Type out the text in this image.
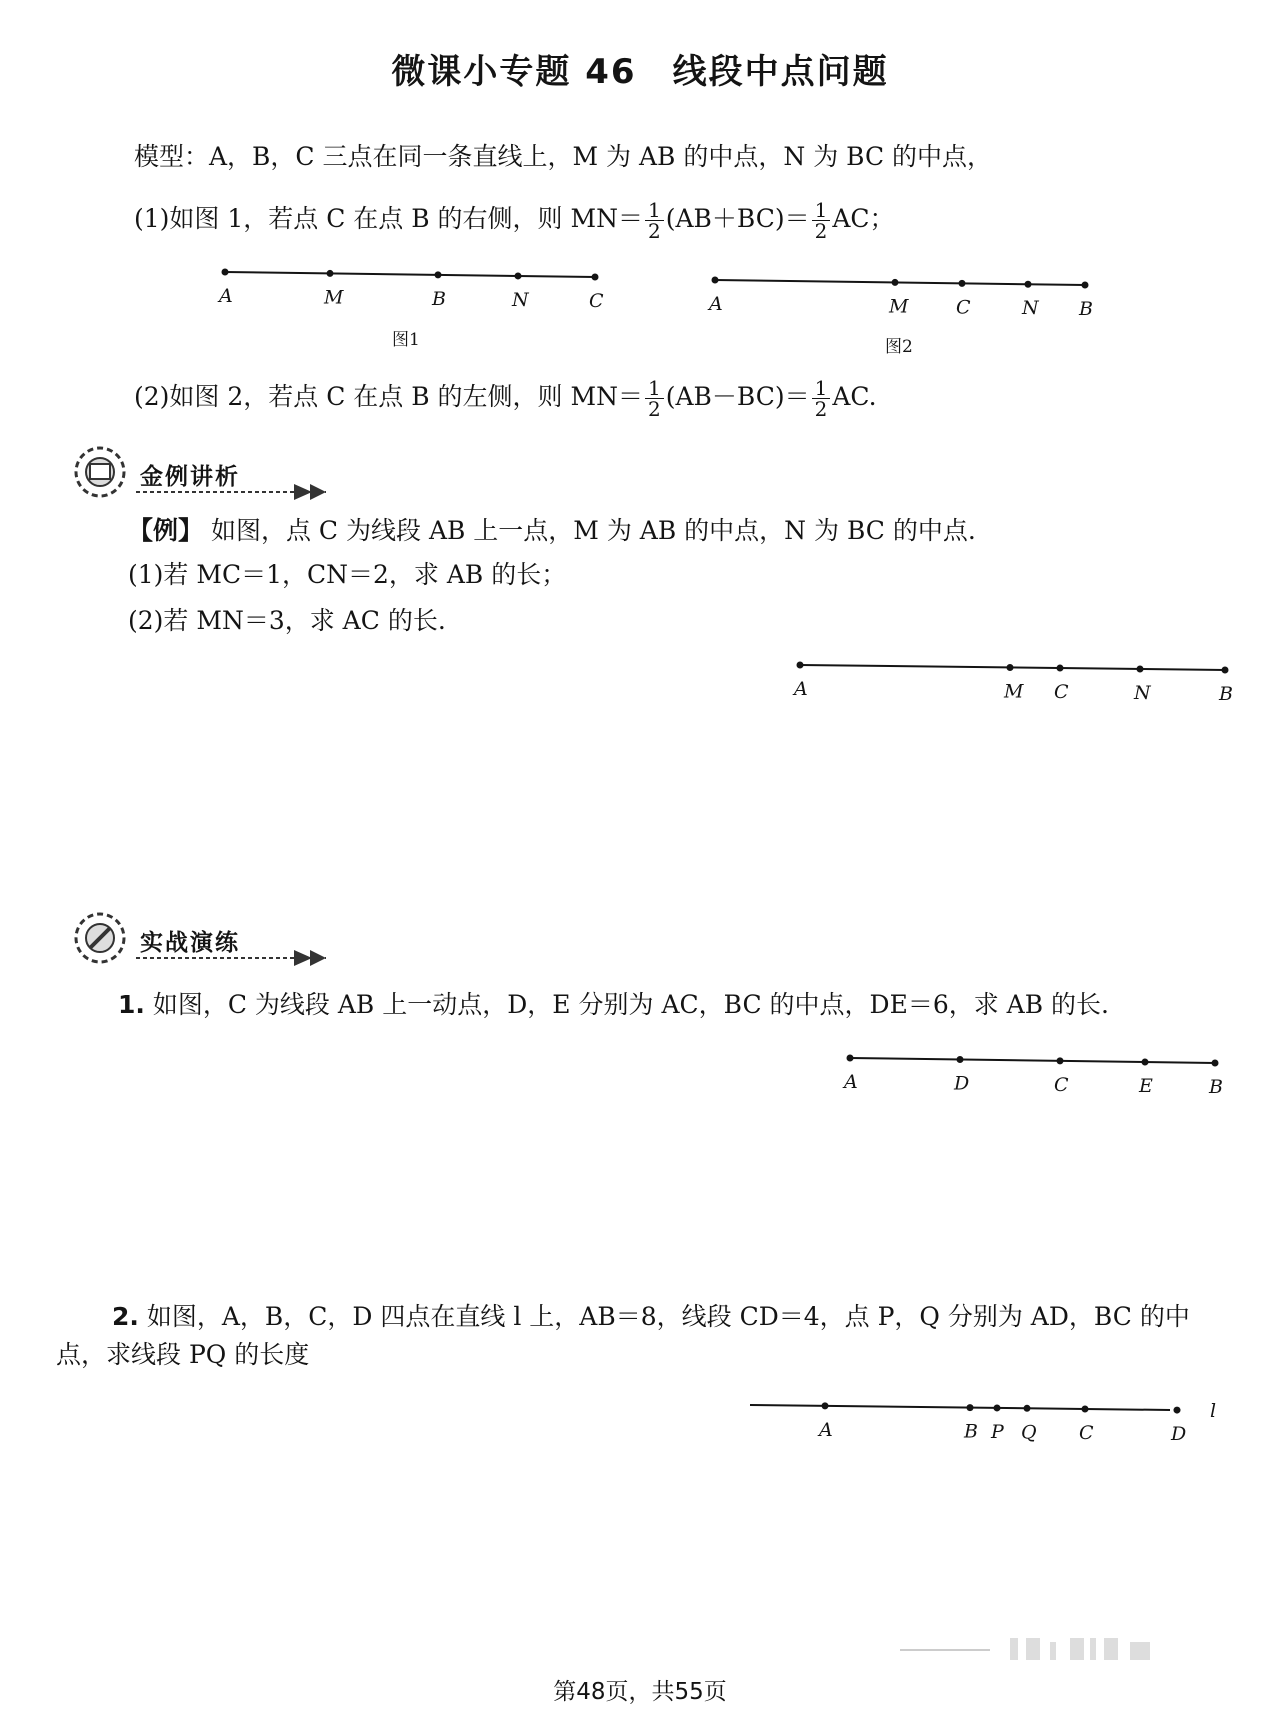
微课小专题 46　线段中点问题
模型：A，B，C 三点在同一条直线上，M 为 AB 的中点，N 为 BC 的中点，
(1)如图 1，若点 C 在点 B 的右侧，则 $MN= \frac{1}{2} (AB+BC)= \frac{1}{2}$ AC；
A	M	B	N	C
图1
A	M	C	N B
图2
(2)如图 2，若点 C 在点 B 的左侧，则 $MN= \frac{1}{2} (AB-BC)= \frac{1}{2}$ AC.
金例讲析
【例】 如图，点 C 为线段 AB 上一点，M 为 AB 的中点，N 为 BC 的中点.
(1)若 MC＝1，CN＝2，求 AB 的长；
(2)若 MN＝3，求 AC 的长.
A	M C	N	B
实战演练
1. 如图，C 为线段 AB 上一动点，D，E 分别为 AC，BC 的中点，DE＝6，求 AB 的长.
A	D	C	E	B
2. 如图，A，B，C，D 四点在直线 l 上，AB＝8，线段 CD＝4，点 P，Q 分别为 AD，BC 的中
点，求线段 PQ 的长度
l
A	B P Q C	D
第48页，共55页
